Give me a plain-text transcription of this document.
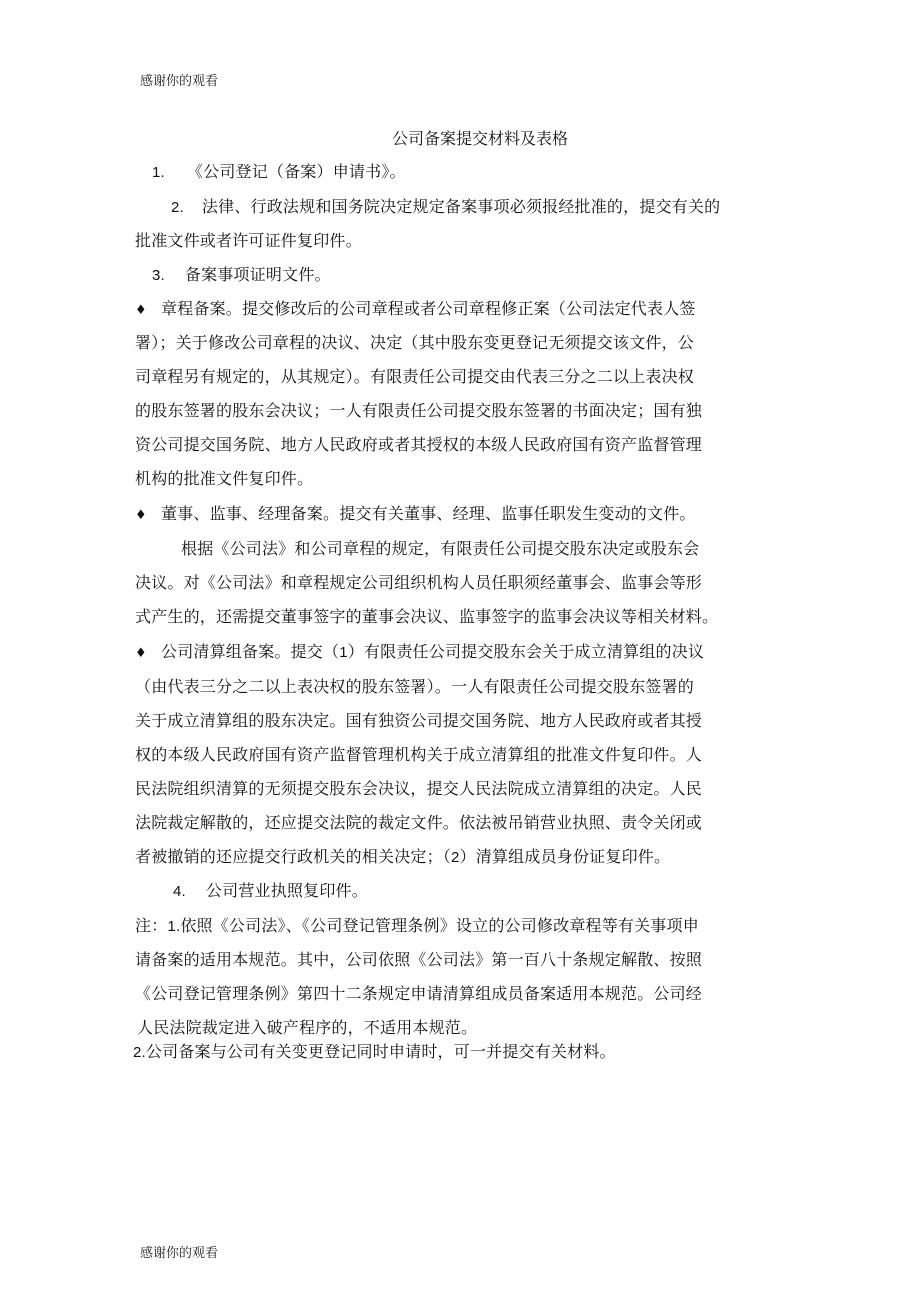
感谢你的观看
公司备案提交材料及表格
1. 《公司登记（备案）申请书》。
2. 法律、行政法规和国务院决定规定备案事项必须报经批准的，提交有关的
批准文件或者许可证件复印件。
3. 备案事项证明文件。
♦ 章程备案。提交修改后的公司章程或者公司章程修正案（公司法定代表人签
署）；关于修改公司章程的决议、决定（其中股东变更登记无须提交该文件，公
司章程另有规定的，从其规定）。有限责任公司提交由代表三分之二以上表决权
的股东签署的股东会决议；一人有限责任公司提交股东签署的书面决定；国有独
资公司提交国务院、地方人民政府或者其授权的本级人民政府国有资产监督管理
机构的批准文件复印件。
♦ 董事、监事、经理备案。提交有关董事、经理、监事任职发生变动的文件。
根据《公司法》和公司章程的规定，有限责任公司提交股东决定或股东会
决议。对《公司法》和章程规定公司组织机构人员任职须经董事会、监事会等形
式产生的，还需提交董事签字的董事会决议、监事签字的监事会决议等相关材料。
♦ 公司清算组备案。提交（1）有限责任公司提交股东会关于成立清算组的决议
（由代表三分之二以上表决权的股东签署）。一人有限责任公司提交股东签署的
关于成立清算组的股东决定。国有独资公司提交国务院、地方人民政府或者其授
权的本级人民政府国有资产监督管理机构关于成立清算组的批准文件复印件。人
民法院组织清算的无须提交股东会决议，提交人民法院成立清算组的决定。人民
法院裁定解散的，还应提交法院的裁定文件。依法被吊销营业执照、责令关闭或
者被撤销的还应提交行政机关的相关决定；（2）清算组成员身份证复印件。
4. 公司营业执照复印件。
注：1.依照《公司法》、《公司登记管理条例》设立的公司修改章程等有关事项申
请备案的适用本规范。其中，公司依照《公司法》第一百八十条规定解散、按照
《公司登记管理条例》第四十二条规定申请清算组成员备案适用本规范。公司经
人民法院裁定进入破产程序的，不适用本规范。
2.公司备案与公司有关变更登记同时申请时，可一并提交有关材料。
感谢你的观看
